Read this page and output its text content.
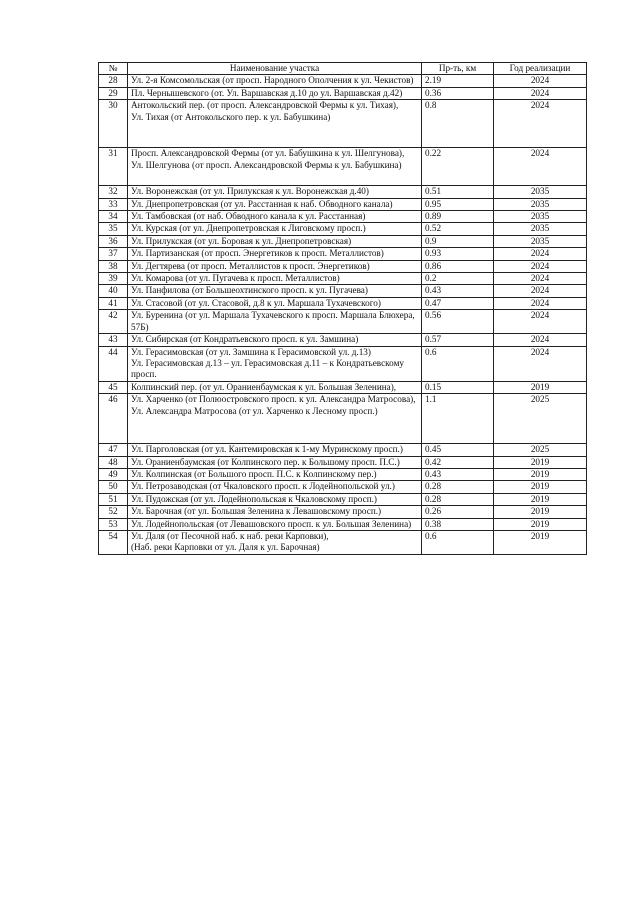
№	Наименование участка	Пр-ть, км	Год реализации
28	Ул. 2-я Комсомольская (от просп. Народного Ополчения к ул. Чекистов)	2.19	2024
29	Пл. Чернышевского (от. Ул. Варшавская д.10 до ул. Варшавская д.42)	0.36	2024
30	Антокольский пер. (от просп. Александровской Фермы к ул. Тихая),
Ул. Тихая (от Антокольского пер. к ул. Бабушкина)	0.8	2024
31	Просп. Александровской Фермы (от ул. Бабушкина к ул. Шелгунова),
Ул. Шелгунова (от просп. Александровской Фермы к ул. Бабушкина)	0.22	2024
32	Ул. Воронежская (от ул. Прилукская к ул. Воронежская д.40)	0.51	2035
33	Ул. Днепропетровская (от ул. Расстанная к наб. Обводного канала)	0.95	2035
34	Ул. Тамбовская (от наб. Обводного канала к ул. Расстанная)	0.89	2035
35	Ул. Курская (от ул. Днепропетровская к Лиговскому просп.)	0.52	2035
36	Ул. Прилукская (от ул. Боровая к ул. Днепропетровская)	0.9	2035
37	Ул. Партизанская (от просп. Энергетиков к просп. Металлистов)	0.93	2024
38	Ул. Дегтярева (от просп. Металлистов к просп. Энергетиков)	0.86	2024
39	Ул. Комарова (от ул. Пугачева к просп. Металлистов)	0.2	2024
40	Ул. Панфилова (от Большеохтинского просп. к ул. Пугачева)	0.43	2024
41	Ул. Стасовой (от ул. Стасовой, д.8 к ул. Маршала Тухачевского)	0.47	2024
42	Ул. Буренина (от ул. Маршала Тухачевского к просп. Маршала Блюхера, 57Б)	0.56	2024
43	Ул. Сибирская (от Кондратьевского просп. к ул. Замшина)	0.57	2024
44	Ул. Герасимовская (от ул. Замшина к Герасимовской ул. д.13)
Ул. Герасимовская д.13 – ул. Герасимовская д.11 – к Кондратьевскому просп.	0.6	2024
45	Колпинский пер. (от ул. Ораниенбаумская к ул. Большая Зеленина),	0.15	2019
46	Ул. Харченко (от Полюостровского просп. к ул. Александра Матросова),
Ул. Александра Матросова (от ул. Харченко к Лесному просп.)	1.1	2025
47	Ул. Парголовская (от ул. Кантемировская к 1-му Муринскому просп.)	0.45	2025
48	Ул. Ораниенбаумская (от Колпинского пер. к Большому просп. П.С.)	0.42	2019
49	Ул. Колпинская (от Большого просп. П.С. к Колпинскому пер.)	0.43	2019
50	Ул. Петрозаводская (от Чкаловского просп. к Лодейнопольской ул.)	0.28	2019
51	Ул. Пудожская (от ул. Лодейнопольская к Чкаловскому просп.)	0.28	2019
52	Ул. Барочная (от ул. Большая Зеленина к Левашовскому просп.)	0.26	2019
53	Ул. Лодейнопольская (от Левашовского просп. к ул. Большая Зеленина)	0.38	2019
54	Ул. Даля (от Песочной наб. к наб. реки Карповки),
(Наб. реки Карповки от ул. Даля к ул. Барочная)	0.6	2019
